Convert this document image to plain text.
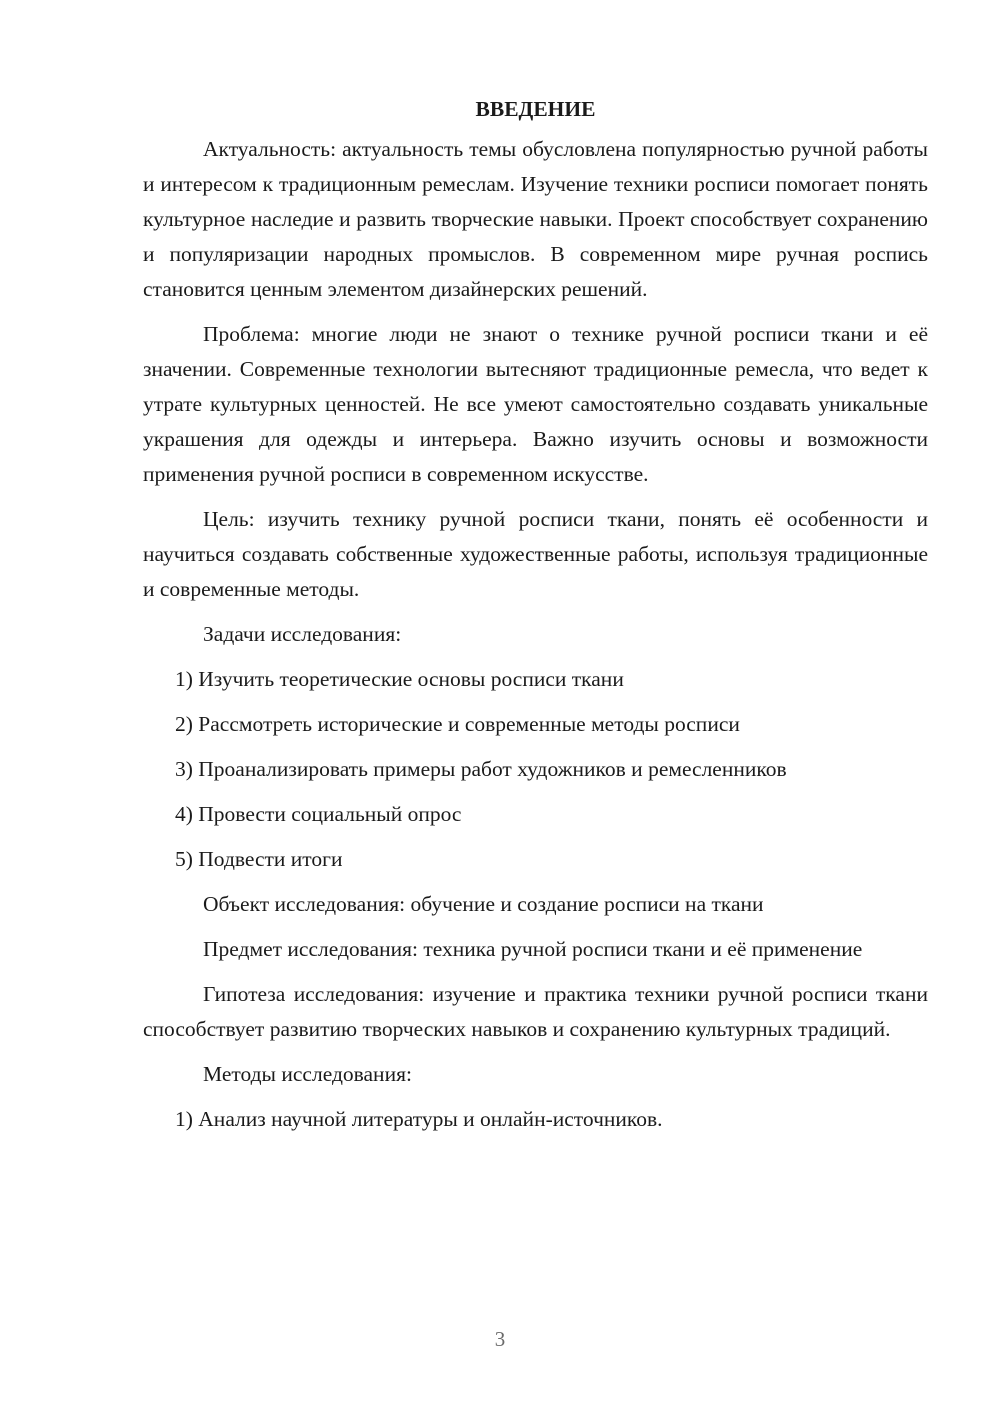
ВВЕДЕНИЕ

Актуальность: актуальность темы обусловлена популярностью ручной работы и интересом к традиционным ремеслам. Изучение техники росписи помогает понять культурное наследие и развить творческие навыки. Проект способствует сохранению и популяризации народных промыслов. В современном мире ручная роспись становится ценным элементом дизайнерских решений.

Проблема: многие люди не знают о технике ручной росписи ткани и её значении. Современные технологии вытесняют традиционные ремесла, что ведет к утрате культурных ценностей. Не все умеют самостоятельно создавать уникальные украшения для одежды и интерьера. Важно изучить основы и возможности применения ручной росписи в современном искусстве.

Цель: изучить технику ручной росписи ткани, понять её особенности и научиться создавать собственные художественные работы, используя традиционные и современные методы.

Задачи исследования:
1) Изучить теоретические основы росписи ткани
2) Рассмотреть исторические и современные методы росписи
3) Проанализировать примеры работ художников и ремесленников
4) Провести социальный опрос
5) Подвести итоги
Объект исследования: обучение и создание росписи на ткани

Предмет исследования: техника ручной росписи ткани и её применение

Гипотеза исследования: изучение и практика техники ручной росписи ткани способствует развитию творческих навыков и сохранению культурных традиций.

Методы исследования:
1) Анализ научной литературы и онлайн-источников.
3
